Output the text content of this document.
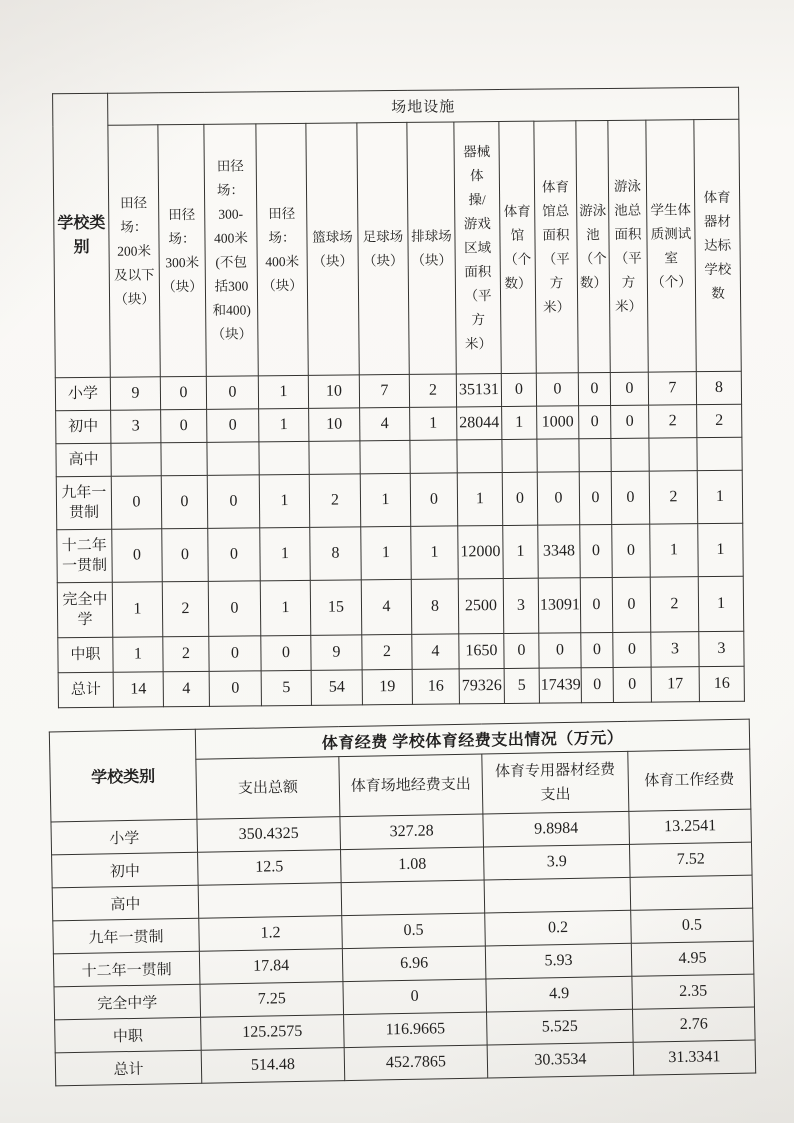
学校类
别	场地设施													
田径
场：
200米
及以下
（块）	田径
场：
300米
（块）	田径
场：
300-
400米
(不包
括300
和400)
（块）	田径
场：
400米
（块）	篮球场
（块）	足球场
（块）	排球场
（块）	器械
体
操/
游戏
区域
面积
（平
方
米）	体育
馆
（个
数）	体育
馆总
面积
（平
方
米）	游泳
池
（个
数）	游泳
池总
面积
（平
方
米）	学生体
质测试
室
（个）	体育
器材
达标
学校
数
小学	9	0	0	1	10	7	2	35131	0	0	0	0	7	8
初中	3	0	0	1	10	4	1	28044	1	1000	0	0	2	2
高中														
九年一
贯制	0	0	0	1	2	1	0	1	0	0	0	0	2	1
十二年
一贯制	0	0	0	1	8	1	1	12000	1	3348	0	0	1	1
完全中
学	1	2	0	1	15	4	8	2500	3	13091	0	0	2	1
中职	1	2	0	0	9	2	4	1650	0	0	0	0	3	3
总计	14	4	0	5	54	19	16	79326	5	17439	0	0	17	16
学校类别	体育经费 学校体育经费支出情况（万元）			
	支出总额	体育场地经费支出	体育专用器材经费
支出	体育工作经费
小学	350.4325	327.28	9.8984	13.2541
初中	12.5	1.08	3.9	7.52
高中				
九年一贯制	1.2	0.5	0.2	0.5
十二年一贯制	17.84	6.96	5.93	4.95
完全中学	7.25	0	4.9	2.35
中职	125.2575	116.9665	5.525	2.76
总计	514.48	452.7865	30.3534	31.3341
